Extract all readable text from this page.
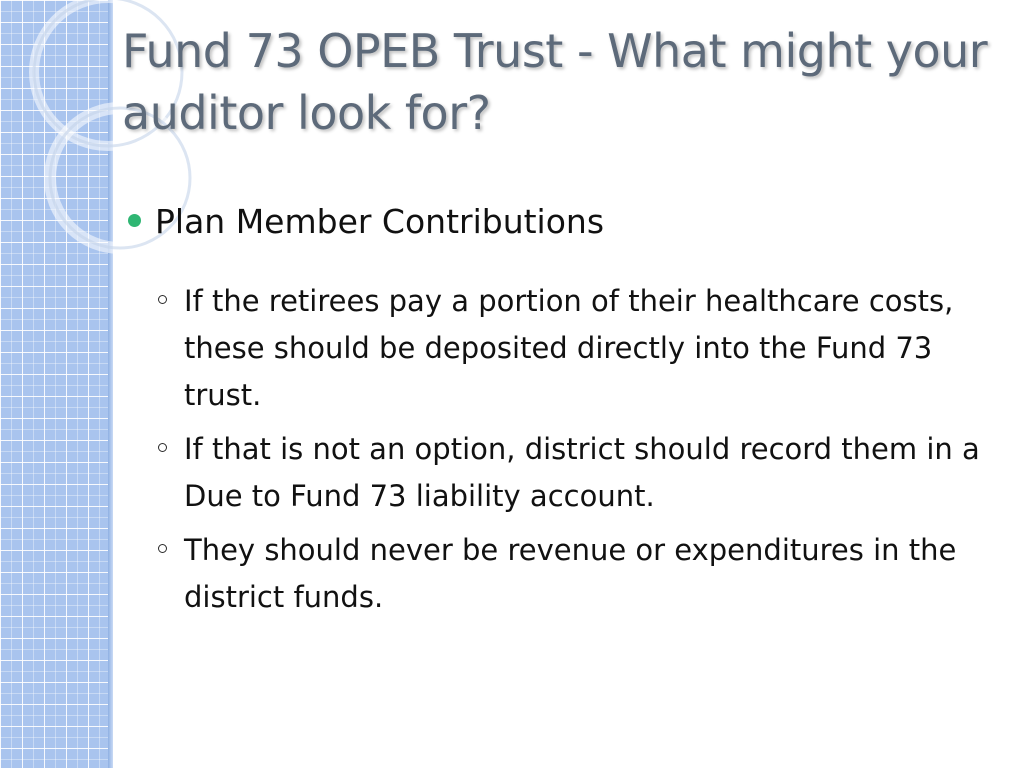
Fund 73 OPEB Trust - What might your auditor look for?
Plan Member Contributions
If the retirees pay a portion of their healthcare costs, these should be deposited directly into the Fund 73 trust.
If that is not an option, district should record them in a Due to Fund 73 liability account.
They should never be revenue or expenditures in the district funds.
